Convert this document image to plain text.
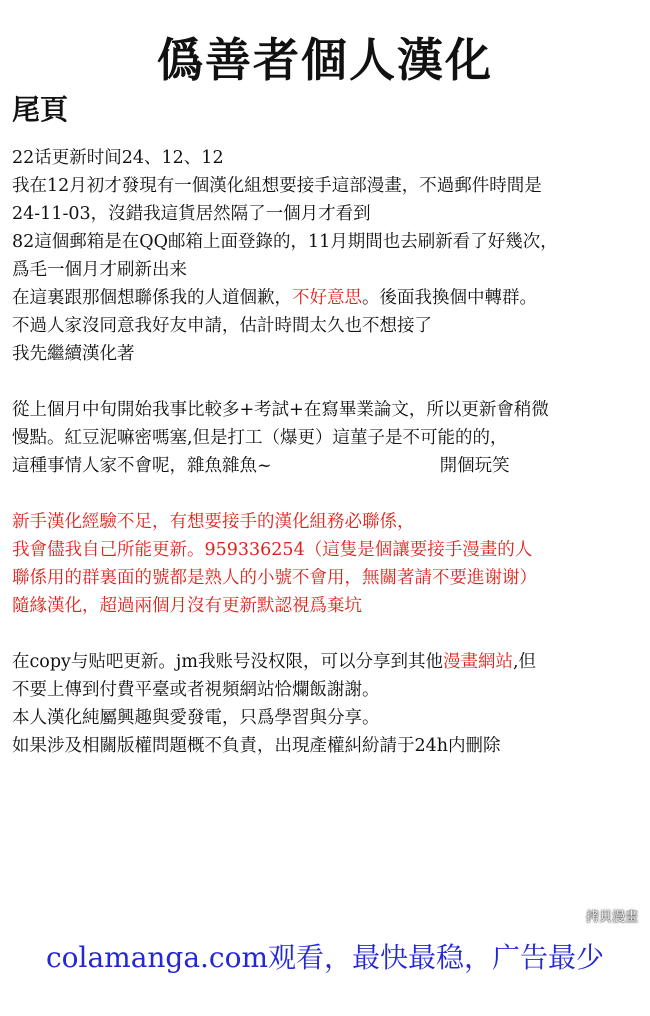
僞善者個人漢化
尾頁
22话更新时间24、12、12
我在12月初才發現有一個漢化組想要接手這部漫畫，不過郵件時間是
24-11-03，沒錯我這貨居然隔了一個月才看到
82這個郵箱是在QQ邮箱上面登錄的，11月期間也去刷新看了好幾次，
爲毛一個月才刷新出来
在這裏跟那個想聯係我的人道個歉，不好意思。後面我換個中轉群。
不過人家沒同意我好友申請，估計時間太久也不想接了
我先繼續漢化著
從上個月中旬開始我事比較多+考試+在寫畢業論文，所以更新會稍微
慢點。紅豆泥嘛密嗎塞,但是打工（爆更）這菫子是不可能的的，
這種事情人家不會呢，雜魚雜魚~	開個玩笑
新手漢化經驗不足，有想要接手的漢化組務必聯係，
我會儘我自己所能更新。959336254（這隻是個讓要接手漫畫的人
聯係用的群裏面的號都是熟人的小號不會用，無關著請不要進谢谢）
隨緣漢化，超過兩個月沒有更新默認視爲棄坑
在copy与贴吧更新。jm我账号没权限，可以分享到其他漫畫網站,但
不要上傳到付費平臺或者視頻網站恰爛飯謝謝。
本人漢化純屬興趣與愛發電，只爲學習與分享。
如果涉及相關版權問題概不負責，出現產權糾紛請于24h内刪除
拷貝漫畫
colamanga.com观看，最快最稳，广告最少
